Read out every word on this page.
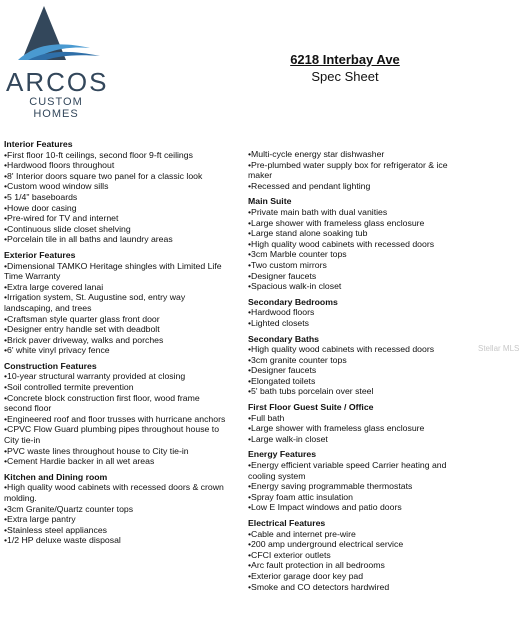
ARCOS
CUSTOM HOMES
6218 Interbay Ave
Spec Sheet
Interior Features
• First floor 10-ft ceilings, second floor 9-ft ceilings
• Hardwood floors throughout
• 8' Interior doors square two panel for a classic look
• Custom wood window sills
• 5 1/4" baseboards
• Howe door casing
• Pre-wired for TV and internet
• Continuous slide closet shelving
• Porcelain tile in all baths and laundry areas
Exterior Features
• Dimensional TAMKO Heritage shingles with Limited Life Time Warranty
• Extra large covered lanai
• Irrigation system, St. Augustine sod, entry way landscaping, and trees
• Craftsman style quarter glass front door
• Designer entry handle set with deadbolt
• Brick paver driveway, walks and porches
• 6' white vinyl privacy fence
Construction Features
• 10-year structural warranty provided at closing
• Soil controlled termite prevention
• Concrete block construction first floor, wood frame second floor
• Engineered roof and floor trusses with hurricane anchors
• CPVC Flow Guard plumbing pipes throughout house to City tie-in
• PVC waste lines throughout house to City tie-in
• Cement Hardie backer in all wet areas
Kitchen and Dining room
• High quality wood cabinets with recessed doors & crown molding.
• 3cm Granite/Quartz counter tops
• Extra large pantry
• Stainless steel appliances
• 1/2 HP deluxe waste disposal
• Multi-cycle energy star dishwasher
• Pre-plumbed water supply box for refrigerator & ice maker
• Recessed and pendant lighting
Main Suite
• Private main bath with dual vanities
• Large shower with frameless glass enclosure
• Large stand alone soaking tub
• High quality wood cabinets with recessed doors
• 3cm Marble counter tops
• Two custom mirrors
• Designer faucets
• Spacious walk-in closet
Secondary Bedrooms
• Hardwood floors
• Lighted closets
Secondary Baths
• High quality wood cabinets with recessed doors
• 3cm granite counter tops
• Designer faucets
• Elongated toilets
• 5' bath tubs porcelain over steel
First Floor Guest Suite / Office
• Full bath
• Large shower with frameless glass enclosure
• Large walk-in closet
Energy Features
• Energy efficient variable speed Carrier heating and cooling system
• Energy saving programmable thermostats
• Spray foam attic insulation
• Low E Impact windows and patio doors
Electrical Features
• Cable and internet pre-wire
• 200 amp underground electrical service
• CFCI exterior outlets
• Arc fault protection in all bedrooms
• Exterior garage door key pad
• Smoke and CO detectors hardwired
Stellar MLS
